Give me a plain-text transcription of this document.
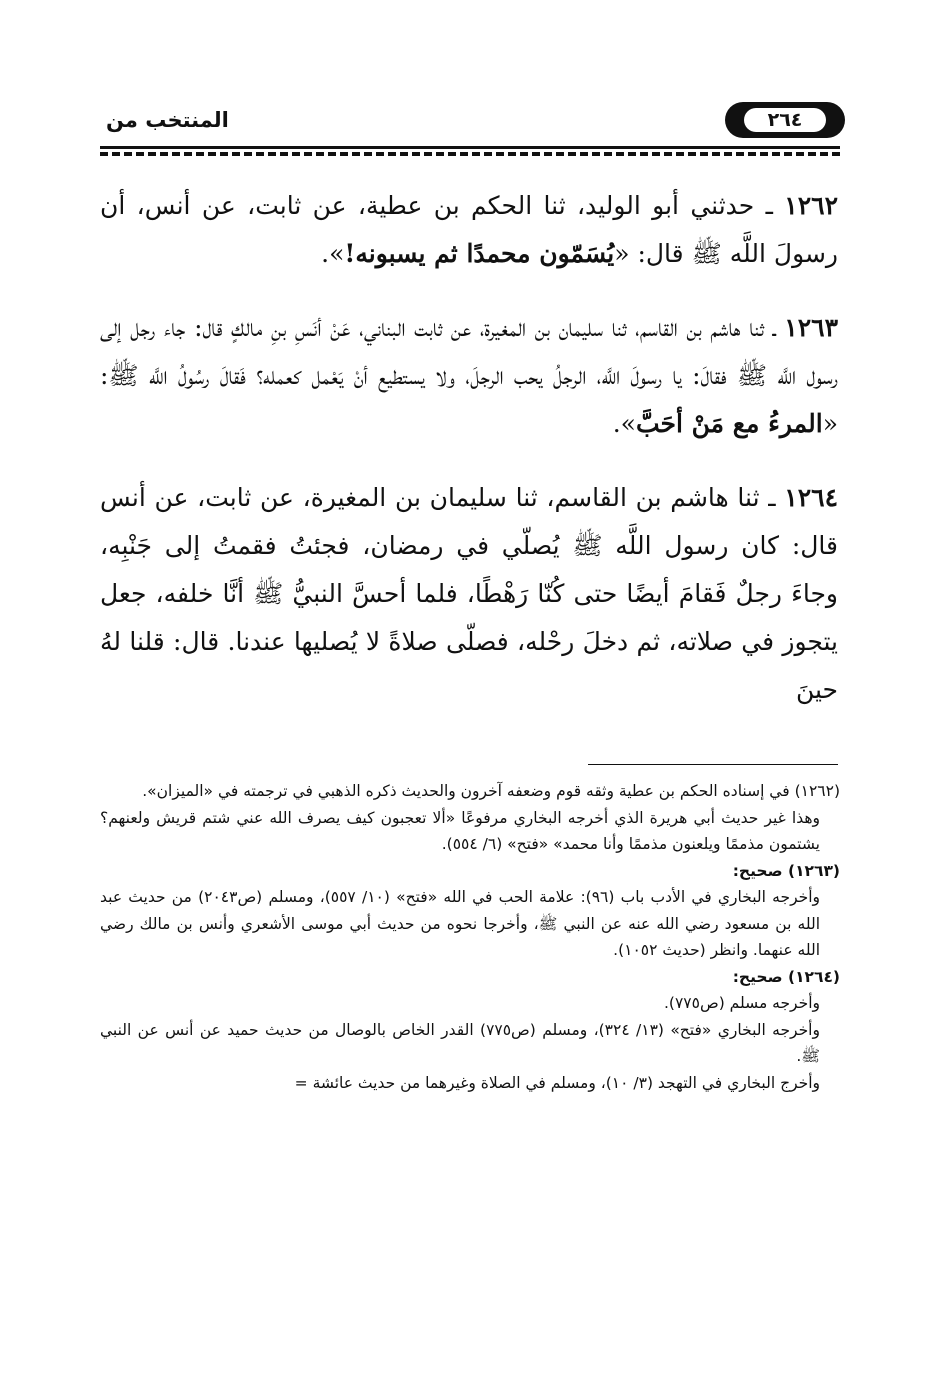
المنتخب من	٢٦٤

١٢٦٢ ـ حدثني أبو الوليد، ثنا الحكم بن عطية، عن ثابت، عن أنس، أن رسولَ اللَّه ﷺ قال: «يُسَمّون محمدًا ثم يسبونه!».

١٢٦٣ ـ ثنا هاشم بن القاسم، ثنا سليمان بن المغيرة، عن ثابت البناني، عَنْ أنَسِ بنِ مالكٍ قال: جاء رجل إلى رسول اللَّه ﷺ فقالَ: يا رسولَ اللَّه، الرجلُ يحب الرجلَ، ولا يستطيع أنْ يَعْمل كعمله؟ فَقالَ رسُولُ اللَّه ﷺ: «المرءُ مع مَنْ أحَبَّ».

١٢٦٤ ـ ثنا هاشم بن القاسم، ثنا سليمان بن المغيرة، عن ثابت، عن أنس قال: كان رسول اللَّه ﷺ يُصلّي في رمضان، فجئتُ فقمتُ إلى جَنْبِه، وجاءَ رجلٌ فَقامَ أيضًا حتى كُنّا رَهْطًا، فلما أحسَّ النبيُّ ﷺ أنَّا خلفه، جعل يتجوز في صلاته، ثم دخلَ رحْله، فصلّى صلاةً لا يُصليها عندنا. قال: قلنا لهُ حينَ

(١٢٦٢) في إسناده الحكم بن عطية وثقه قوم وضعفه آخرون والحديث ذكره الذهبي في ترجمته في «الميزان».

وهذا غير حديث أبي هريرة الذي أخرجه البخاري مرفوعًا «ألا تعجبون كيف يصرف الله عني شتم قريش ولعنهم؟ يشتمون مذممًا ويلعنون مذممًا وأنا محمد» «فتح» (٦/ ٥٥٤).

(١٢٦٣) صحيح:

وأخرجه البخاري في الأدب باب (٩٦): علامة الحب في الله «فتح» (١٠/ ٥٥٧)، ومسلم (ص٢٠٤٣) من حديث عبد الله بن مسعود رضي الله عنه عن النبي ﷺ، وأخرجا نحوه من حديث أبي موسى الأشعري وأنس بن مالك رضي الله عنهما. وانظر (حديث ١٠٥٢).

(١٢٦٤) صحيح:

وأخرجه مسلم (ص٧٧٥).

وأخرجه البخاري «فتح» (١٣/ ٣٢٤)، ومسلم (ص٧٧٥) القدر الخاص بالوصال من حديث حميد عن أنس عن النبي ﷺ.

وأخرج البخاري في التهجد (٣/ ١٠)، ومسلم في الصلاة وغيرهما من حديث عائشة =
